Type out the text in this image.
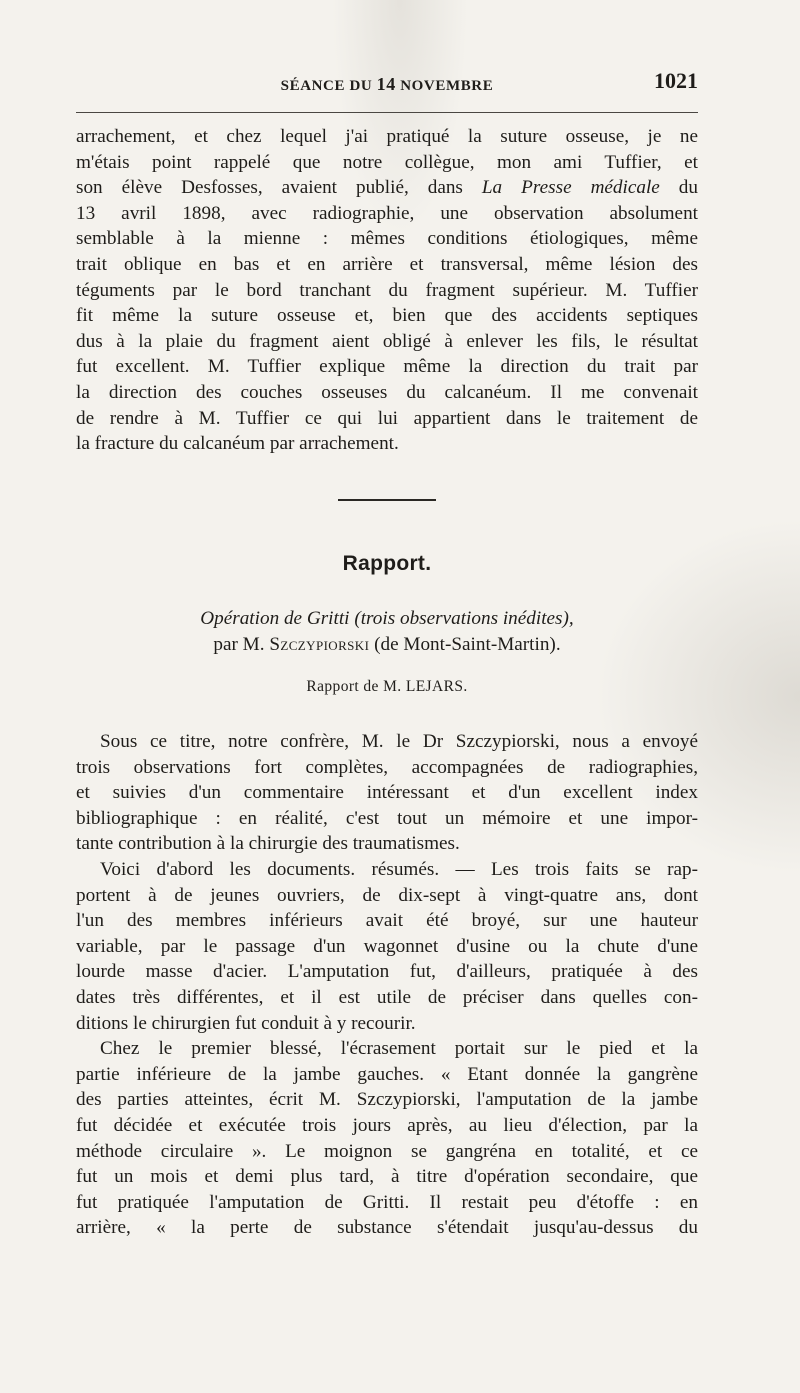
SÉANCE DU 14 NOVEMBRE	1021
arrachement, et chez lequel j'ai pratiqué la suture osseuse, je ne
m'étais point rappelé que notre collègue, mon ami Tuffier, et
son élève Desfosses, avaient publié, dans La Presse médicale du
13 avril 1898, avec radiographie, une observation absolument
semblable à la mienne : mêmes conditions étiologiques, même
trait oblique en bas et en arrière et transversal, même lésion des
téguments par le bord tranchant du fragment supérieur. M. Tuffier
fit même la suture osseuse et, bien que des accidents septiques
dus à la plaie du fragment aient obligé à enlever les fils, le résultat
fut excellent. M. Tuffier explique même la direction du trait par
la direction des couches osseuses du calcanéum. Il me convenait
de rendre à M. Tuffier ce qui lui appartient dans le traitement de
la fracture du calcanéum par arrachement.
Rapport.
Opération de Gritti (trois observations inédites),
par M. Szczypiorski (de Mont-Saint-Martin).
Rapport de M. LEJARS.
Sous ce titre, notre confrère, M. le Dr Szczypiorski, nous a envoyé
trois observations fort complètes, accompagnées de radiographies,
et suivies d'un commentaire intéressant et d'un excellent index
bibliographique : en réalité, c'est tout un mémoire et une impor-
tante contribution à la chirurgie des traumatismes.
Voici d'abord les documents. résumés. — Les trois faits se rap-
portent à de jeunes ouvriers, de dix-sept à vingt-quatre ans, dont
l'un des membres inférieurs avait été broyé, sur une hauteur
variable, par le passage d'un wagonnet d'usine ou la chute d'une
lourde masse d'acier. L'amputation fut, d'ailleurs, pratiquée à des
dates très différentes, et il est utile de préciser dans quelles con-
ditions le chirurgien fut conduit à y recourir.
Chez le premier blessé, l'écrasement portait sur le pied et la
partie inférieure de la jambe gauches. « Etant donnée la gangrène
des parties atteintes, écrit M. Szczypiorski, l'amputation de la jambe
fut décidée et exécutée trois jours après, au lieu d'élection, par la
méthode circulaire ». Le moignon se gangréna en totalité, et ce
fut un mois et demi plus tard, à titre d'opération secondaire, que
fut pratiquée l'amputation de Gritti. Il restait peu d'étoffe : en
arrière, « la perte de substance s'étendait jusqu'au-dessus du
